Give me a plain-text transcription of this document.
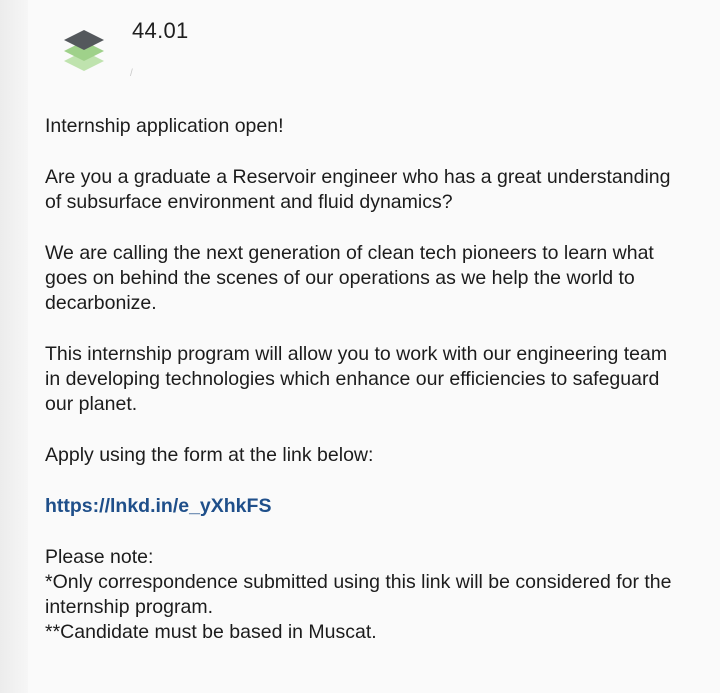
44.01
/

Internship application open!

Are you a graduate a Reservoir engineer who has a great understanding of subsurface environment and fluid dynamics?

We are calling the next generation of clean tech pioneers to learn what goes on behind the scenes of our operations as we help the world to decarbonize.

This internship program will allow you to work with our engineering team in developing technologies which enhance our efficiencies to safeguard our planet.

Apply using the form at the link below:

https://lnkd.in/e_yXhkFS

Please note:

*Only correspondence submitted using this link will be considered for the internship program.

**Candidate must be based in Muscat.
